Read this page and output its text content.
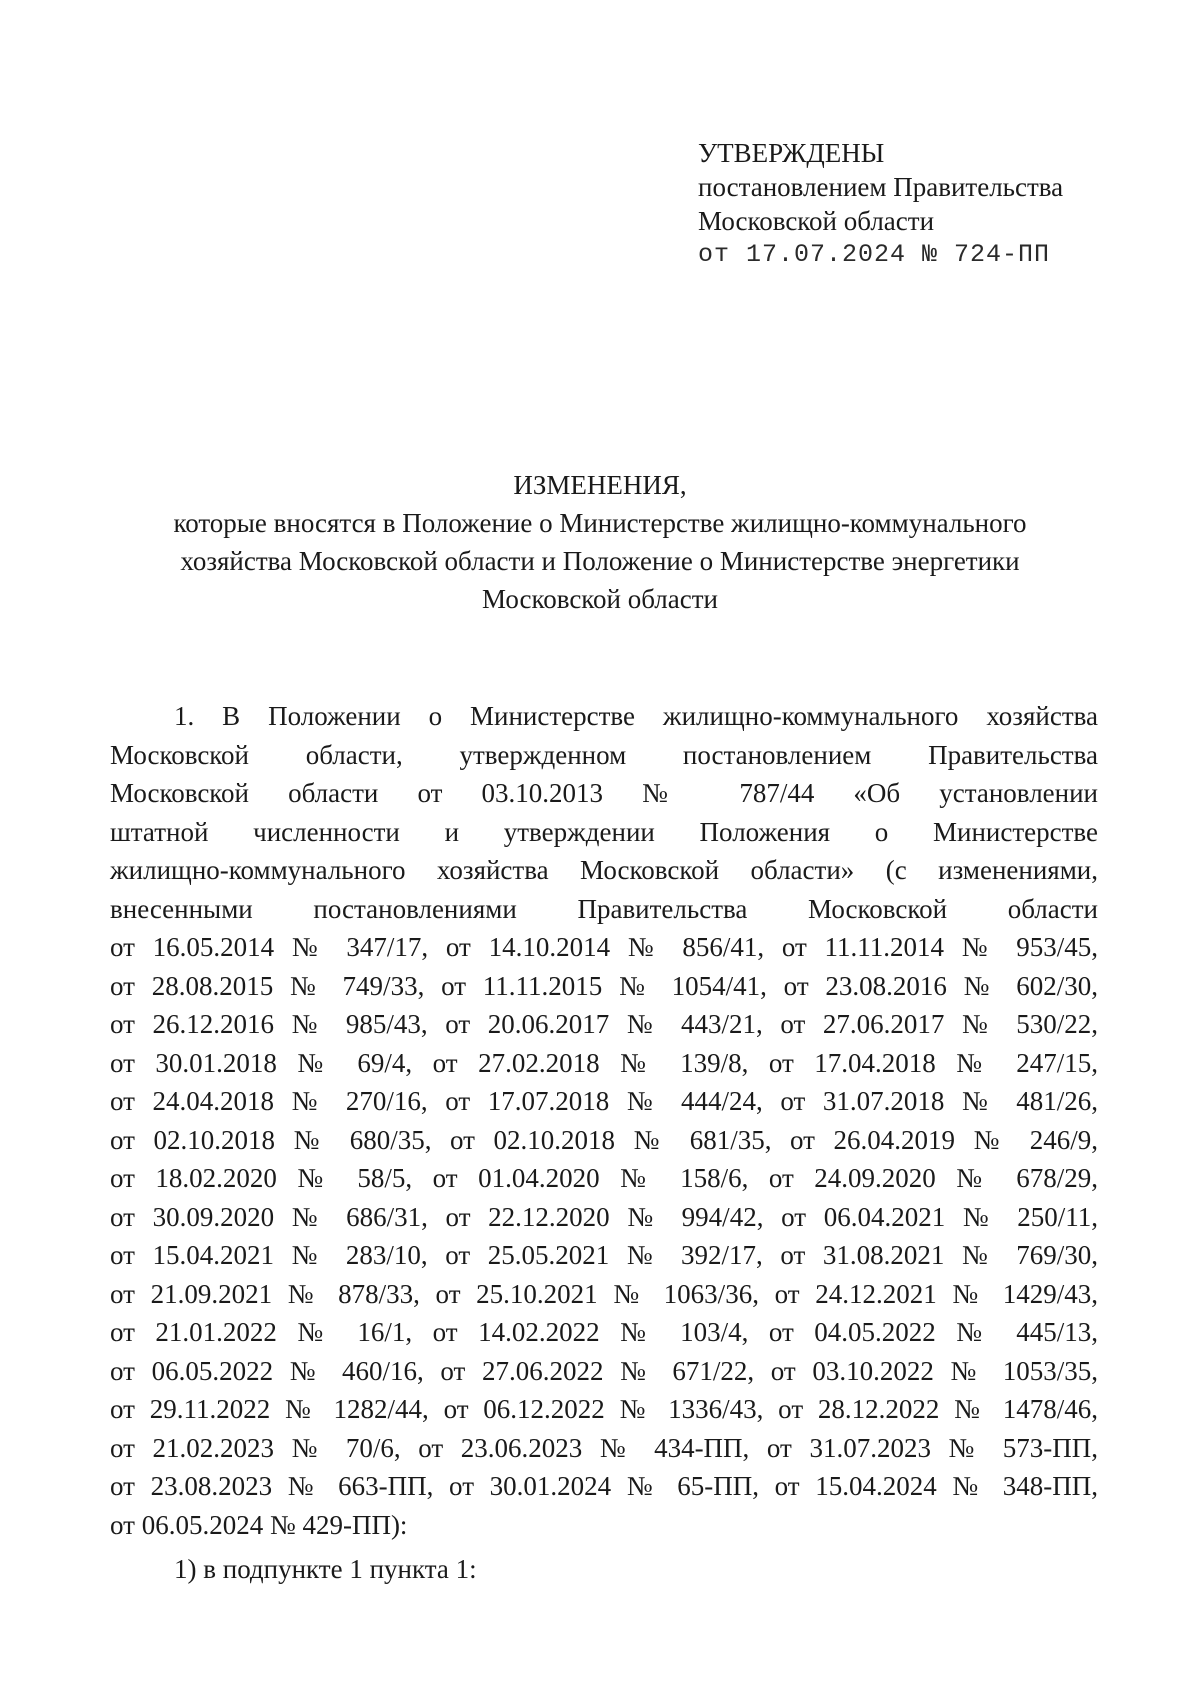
УТВЕРЖДЕНЫ
постановлением Правительства
Московской области
от 17.07.2024 № 724-ПП
ИЗМЕНЕНИЯ,
которые вносятся в Положение о Министерстве жилищно-коммунального
хозяйства Московской области и Положение о Министерстве энергетики
Московской области
1. В Положении о Министерстве жилищно-коммунального хозяйства
Московской области, утвержденном постановлением Правительства
Московской области от 03.10.2013 № 787/44 «Об установлении
штатной численности и утверждении Положения о Министерстве
жилищно-коммунального хозяйства Московской области» (с изменениями,
внесенными постановлениями Правительства Московской области
от 16.05.2014 № 347/17, от 14.10.2014 № 856/41, от 11.11.2014 № 953/45,
от 28.08.2015 № 749/33, от 11.11.2015 № 1054/41, от 23.08.2016 № 602/30,
от 26.12.2016 № 985/43, от 20.06.2017 № 443/21, от 27.06.2017 № 530/22,
от 30.01.2018 № 69/4, от 27.02.2018 № 139/8, от 17.04.2018 № 247/15,
от 24.04.2018 № 270/16, от 17.07.2018 № 444/24, от 31.07.2018 № 481/26,
от 02.10.2018 № 680/35, от 02.10.2018 № 681/35, от 26.04.2019 № 246/9,
от 18.02.2020 № 58/5, от 01.04.2020 № 158/6, от 24.09.2020 № 678/29,
от 30.09.2020 № 686/31, от 22.12.2020 № 994/42, от 06.04.2021 № 250/11,
от 15.04.2021 № 283/10, от 25.05.2021 № 392/17, от 31.08.2021 № 769/30,
от 21.09.2021 № 878/33, от 25.10.2021 № 1063/36, от 24.12.2021 № 1429/43,
от 21.01.2022 № 16/1, от 14.02.2022 № 103/4, от 04.05.2022 № 445/13,
от 06.05.2022 № 460/16, от 27.06.2022 № 671/22, от 03.10.2022 № 1053/35,
от 29.11.2022 № 1282/44, от 06.12.2022 № 1336/43, от 28.12.2022 № 1478/46,
от 21.02.2023 № 70/6, от 23.06.2023 № 434-ПП, от 31.07.2023 № 573-ПП,
от 23.08.2023 № 663-ПП, от 30.01.2024 № 65-ПП, от 15.04.2024 № 348-ПП,
от 06.05.2024 № 429-ПП):
1) в подпункте 1 пункта 1:
